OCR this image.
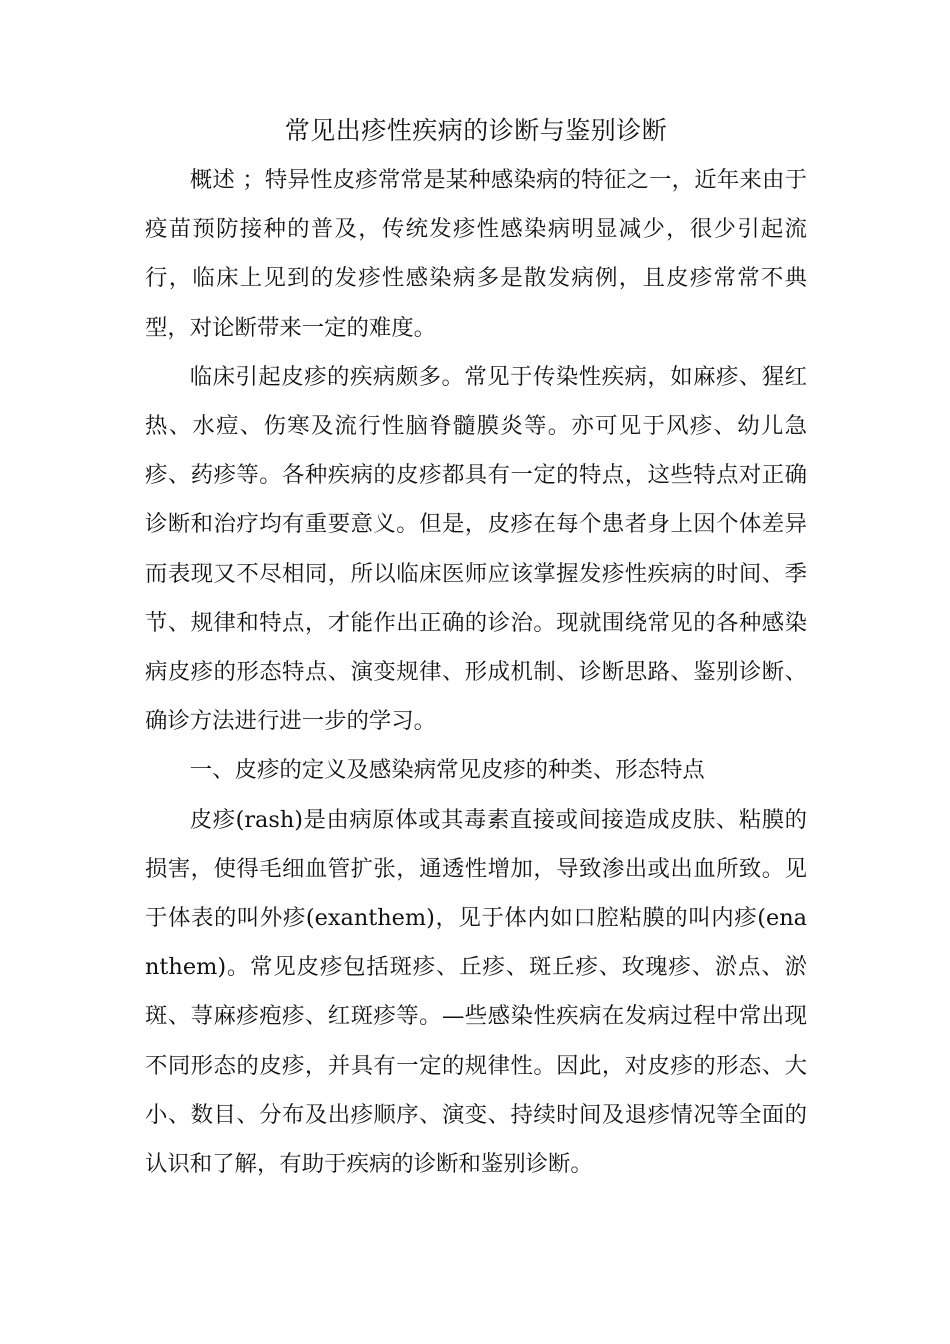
常见出疹性疾病的诊断与鉴别诊断

概述 ；特异性皮疹常常是某种感染病的特征之一，近年来由于疫苗预防接种的普及，传统发疹性感染病明显减少，很少引起流行，临床上见到的发疹性感染病多是散发病例，且皮疹常常不典型，对论断带来一定的难度。

临床引起皮疹的疾病颇多。常见于传染性疾病，如麻疹、猩红热、水痘、伤寒及流行性脑脊髓膜炎等。亦可见于风疹、幼儿急疹、药疹等。各种疾病的皮疹都具有一定的特点，这些特点对正确诊断和治疗均有重要意义。但是，皮疹在每个患者身上因个体差异而表现又不尽相同，所以临床医师应该掌握发疹性疾病的时间、季节、规律和特点，才能作出正确的诊治。现就围绕常见的各种感染病皮疹的形态特点、演变规律、形成机制、诊断思路、鉴别诊断、确诊方法进行进一步的学习。

一、皮疹的定义及感染病常见皮疹的种类、形态特点

皮疹(rash)是由病原体或其毒素直接或间接造成皮肤、粘膜的损害，使得毛细血管扩张，通透性增加，导致渗出或出血所致。见于体表的叫外疹(exanthem)，见于体内如口腔粘膜的叫内疹(enanthem)。常见皮疹包括斑疹、丘疹、斑丘疹、玫瑰疹、淤点、淤斑、荨麻疹疱疹、红斑疹等。—些感染性疾病在发病过程中常出现不同形态的皮疹，并具有一定的规律性。因此，对皮疹的形态、大小、数目、分布及出疹顺序、演变、持续时间及退疹情况等全面的认识和了解，有助于疾病的诊断和鉴别诊断。
